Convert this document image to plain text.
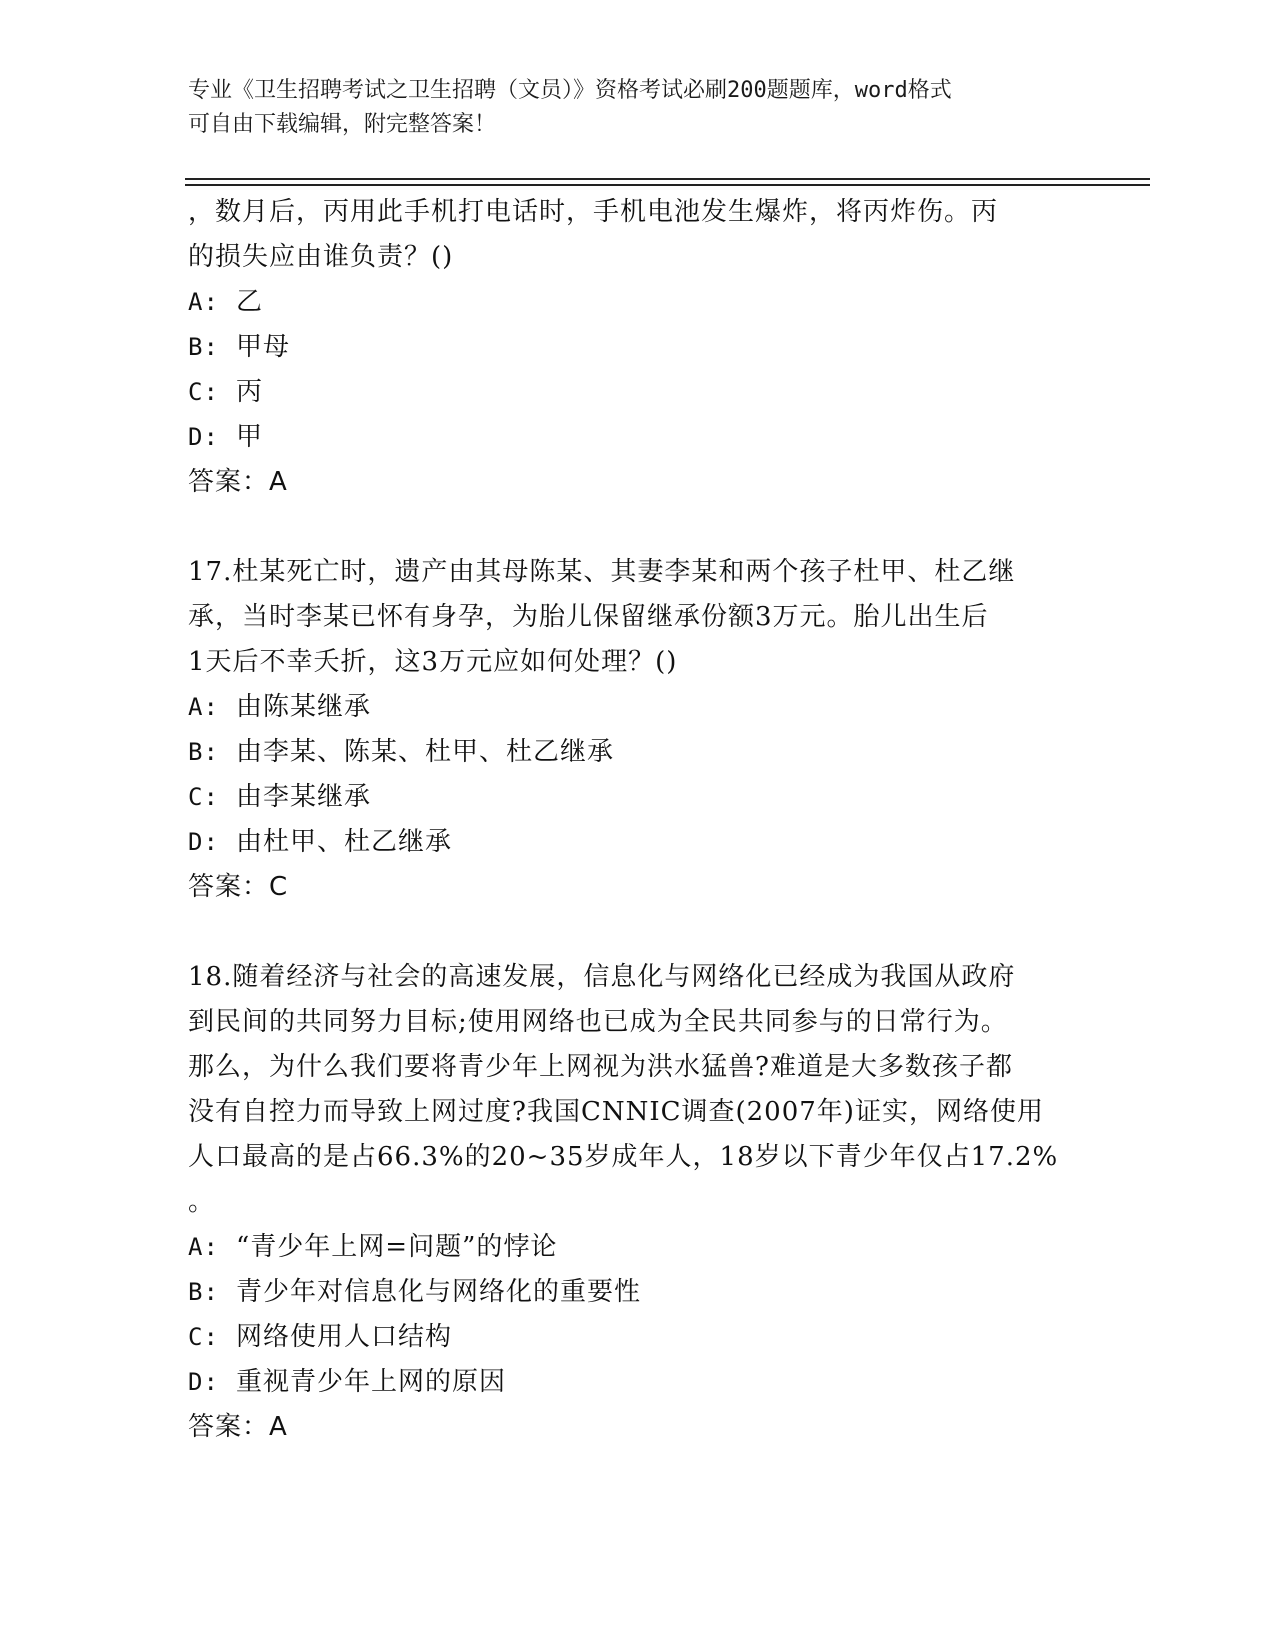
专业《卫生招聘考试之卫生招聘（文员）》资格考试必刷200题题库，word格式
可自由下载编辑，附完整答案！

，数月后，丙用此手机打电话时，手机电池发生爆炸，将丙炸伤。丙

的损失应由谁负责？()

A: 乙

B: 甲母

C: 丙

D: 甲

答案：A

17.杜某死亡时，遗产由其母陈某、其妻李某和两个孩子杜甲、杜乙继

承，当时李某已怀有身孕，为胎儿保留继承份额3万元。胎儿出生后

1天后不幸夭折，这3万元应如何处理？()

A: 由陈某继承

B: 由李某、陈某、杜甲、杜乙继承

C: 由李某继承

D: 由杜甲、杜乙继承

答案：C

18.随着经济与社会的高速发展，信息化与网络化已经成为我国从政府

到民间的共同努力目标;使用网络也已成为全民共同参与的日常行为。

那么，为什么我们要将青少年上网视为洪水猛兽?难道是大多数孩子都

没有自控力而导致上网过度?我国CNNIC调查(2007年)证实，网络使用

人口最高的是占66.3%的20~35岁成年人，18岁以下青少年仅占17.2%

。

A: “青少年上网=问题”的悖论

B: 青少年对信息化与网络化的重要性

C: 网络使用人口结构

D: 重视青少年上网的原因

答案：A
